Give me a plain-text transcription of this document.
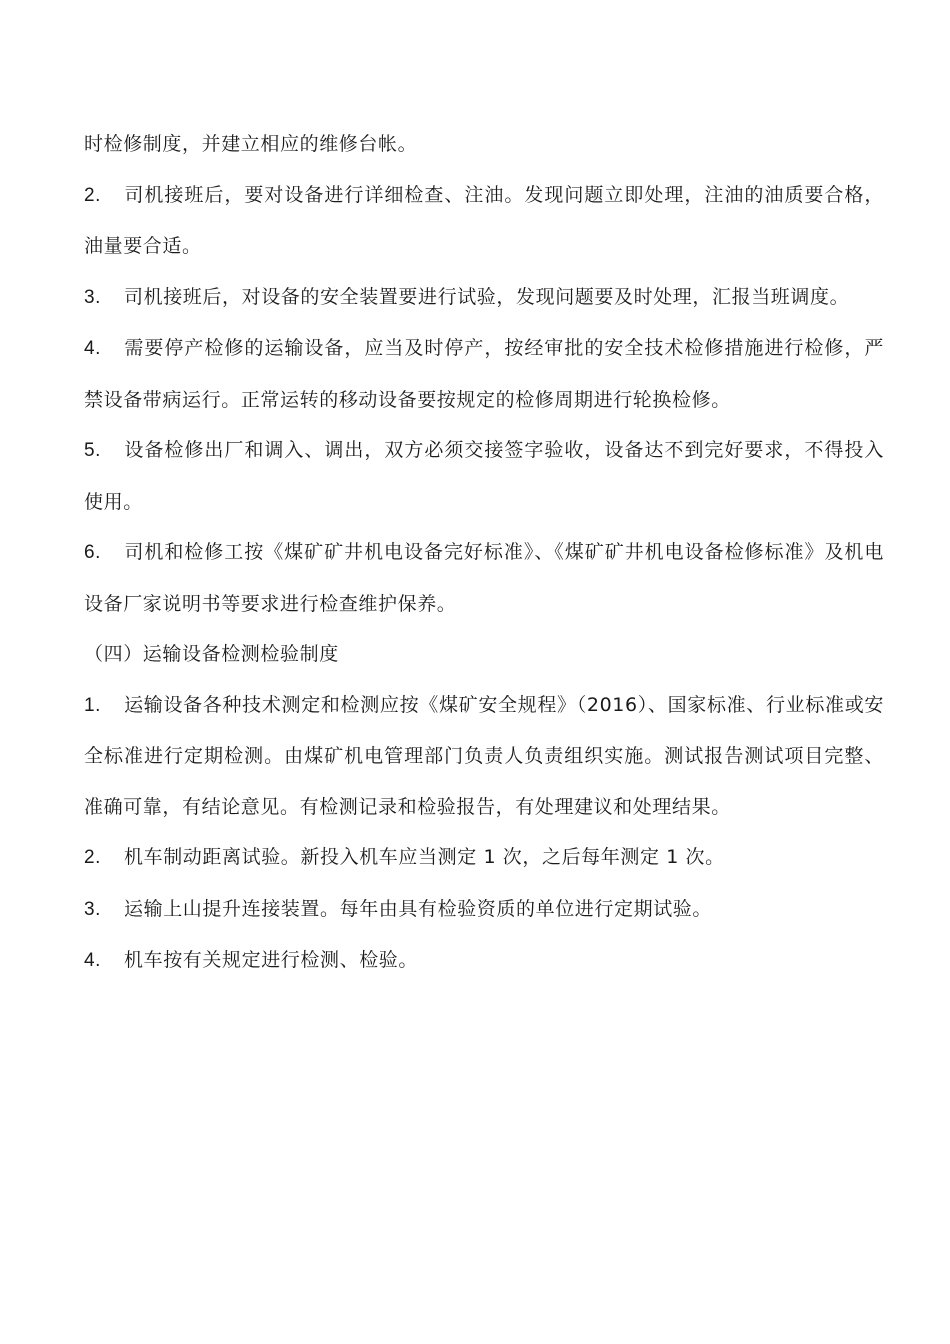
时检修制度，并建立相应的维修台帐。

2. 司机接班后，要对设备进行详细检查、注油。发现问题立即处理，注油的油质要合格，油量要合适。

3. 司机接班后，对设备的安全装置要进行试验，发现问题要及时处理，汇报当班调度。

4. 需要停产检修的运输设备，应当及时停产，按经审批的安全技术检修措施进行检修，严禁设备带病运行。正常运转的移动设备要按规定的检修周期进行轮换检修。

5. 设备检修出厂和调入、调出，双方必须交接签字验收，设备达不到完好要求，不得投入使用。

6. 司机和检修工按《煤矿矿井机电设备完好标准》、《煤矿矿井机电设备检修标准》及机电设备厂家说明书等要求进行检查维护保养。

（四）运输设备检测检验制度

1. 运输设备各种技术测定和检测应按《煤矿安全规程》（2016）、国家标准、行业标准或安全标准进行定期检测。由煤矿机电管理部门负责人负责组织实施。测试报告测试项目完整、准确可靠，有结论意见。有检测记录和检验报告，有处理建议和处理结果。

2. 机车制动距离试验。新投入机车应当测定 1 次，之后每年测定 1 次。

3. 运输上山提升连接装置。每年由具有检验资质的单位进行定期试验。

4. 机车按有关规定进行检测、检验。
